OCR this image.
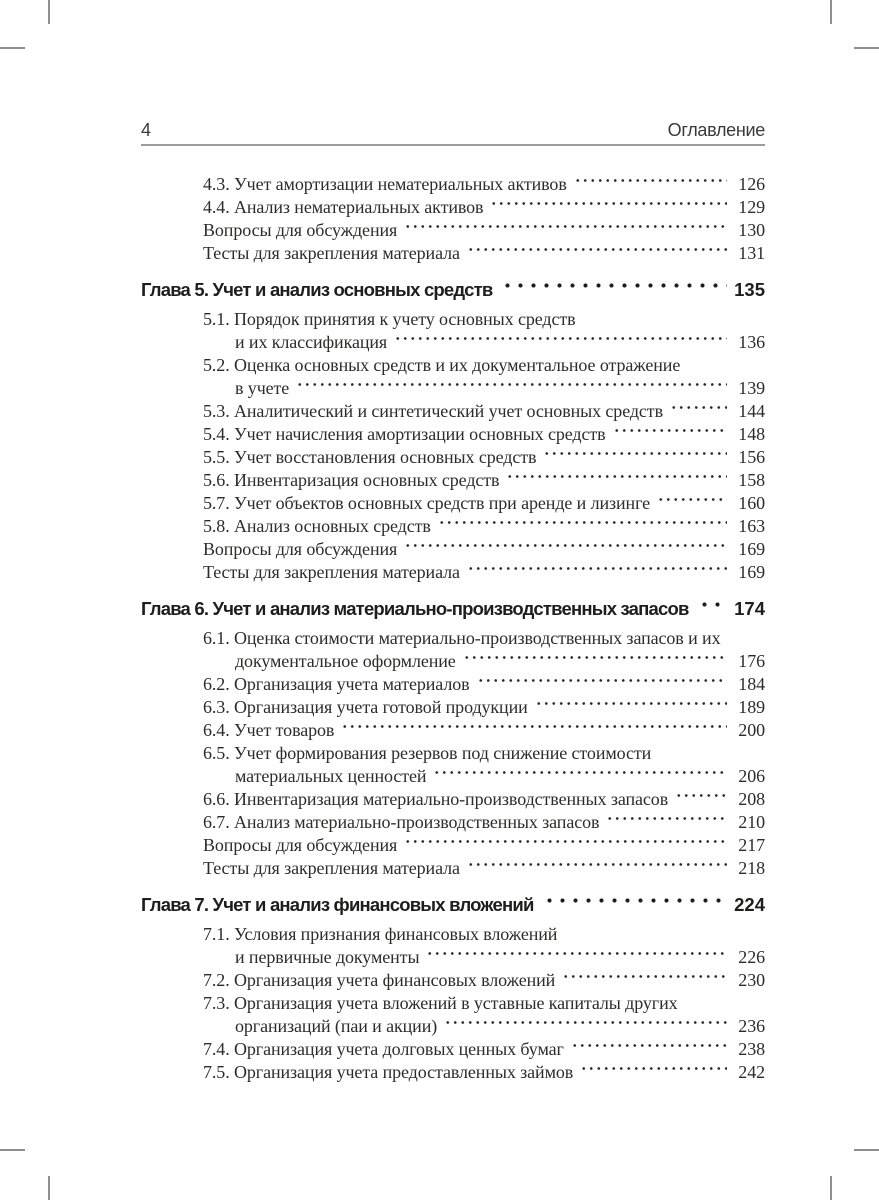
4	Оглавление
4.3. Учет амортизации нематериальных активов	126
4.4. Анализ нематериальных активов	129
Вопросы для обсуждения	130
Тесты для закрепления материала	131
Глава 5. Учет и анализ основных средств	135
5.1. Порядок принятия к учету основных средств
и их классификация	136
5.2. Оценка основных средств и их документальное отражение
в учете	139
5.3. Аналитический и синтетический учет основных средств	144
5.4. Учет начисления амортизации основных средств	148
5.5. Учет восстановления основных средств	156
5.6. Инвентаризация основных средств	158
5.7. Учет объектов основных средств при аренде и лизинге	160
5.8. Анализ основных средств	163
Вопросы для обсуждения	169
Тесты для закрепления материала	169
Глава 6. Учет и анализ материально-производственных запасов 174
6.1. Оценка стоимости материально-производственных запасов и их
документальное оформление	176
6.2. Организация учета материалов	184
6.3. Организация учета готовой продукции	189
6.4. Учет товаров	200
6.5. Учет формирования резервов под снижение стоимости
материальных ценностей	206
6.6. Инвентаризация материально-производственных запасов	208
6.7. Анализ материально-производственных запасов	210
Вопросы для обсуждения	217
Тесты для закрепления материала	218
Глава 7. Учет и анализ финансовых вложений	224
7.1. Условия признания финансовых вложений
и первичные документы	226
7.2. Организация учета финансовых вложений	230
7.3. Организация учета вложений в уставные капиталы других
организаций (паи и акции)	236
7.4. Организация учета долговых ценных бумаг	238
7.5. Организация учета предоставленных займов	242
